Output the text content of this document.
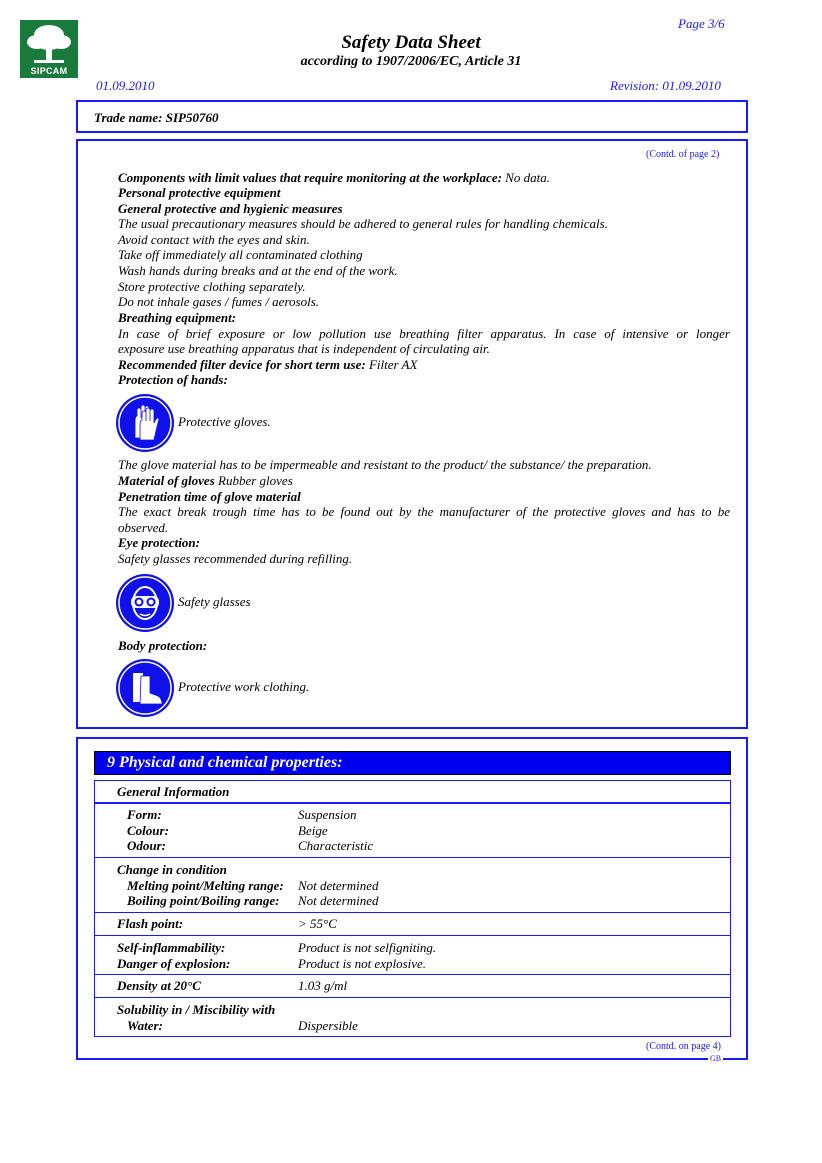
SIPCAM
Page 3/6
Safety Data Sheet
according to 1907/2006/EC, Article 31
01.09.2010	Revision: 01.09.2010
Trade name: SIP50760
(Contd. of page 2)
Components with limit values that require monitoring at the workplace: No data.
Personal protective equipment
General protective and hygienic measures
The usual precautionary measures should be adhered to general rules for handling chemicals.
Avoid contact with the eyes and skin.
Take off immediately all contaminated clothing
Wash hands during breaks and at the end of the work.
Store protective clothing separately.
Do not inhale gases / fumes / aerosols.
Breathing equipment:
In case of brief exposure or low pollution use breathing filter apparatus. In case of intensive or longer
exposure use breathing apparatus that is independent of circulating air.
Recommended filter device for short term use: Filter AX
Protection of hands:
Protective gloves.
The glove material has to be impermeable and resistant to the product/ the substance/ the preparation.
Material of gloves Rubber gloves
Penetration time of glove material
The exact break trough time has to be found out by the manufacturer of the protective gloves and has to be
observed.
Eye protection:
Safety glasses recommended during refilling.
Safety glasses
Body protection:
Protective work clothing.
9 Physical and chemical properties:
General Information
Form:	Suspension
Colour:	Beige
Odour:	Characteristic
Change in condition
Melting point/Melting range: Not determined
Boiling point/Boiling range: Not determined
Flash point:	> 55°C
Self-inflammability:	Product is not selfigniting.
Danger of explosion:	Product is not explosive.
Density at 20°C	1.03 g/ml
Solubility in / Miscibility with
Water:	Dispersible
(Contd. on page 4)
GB
